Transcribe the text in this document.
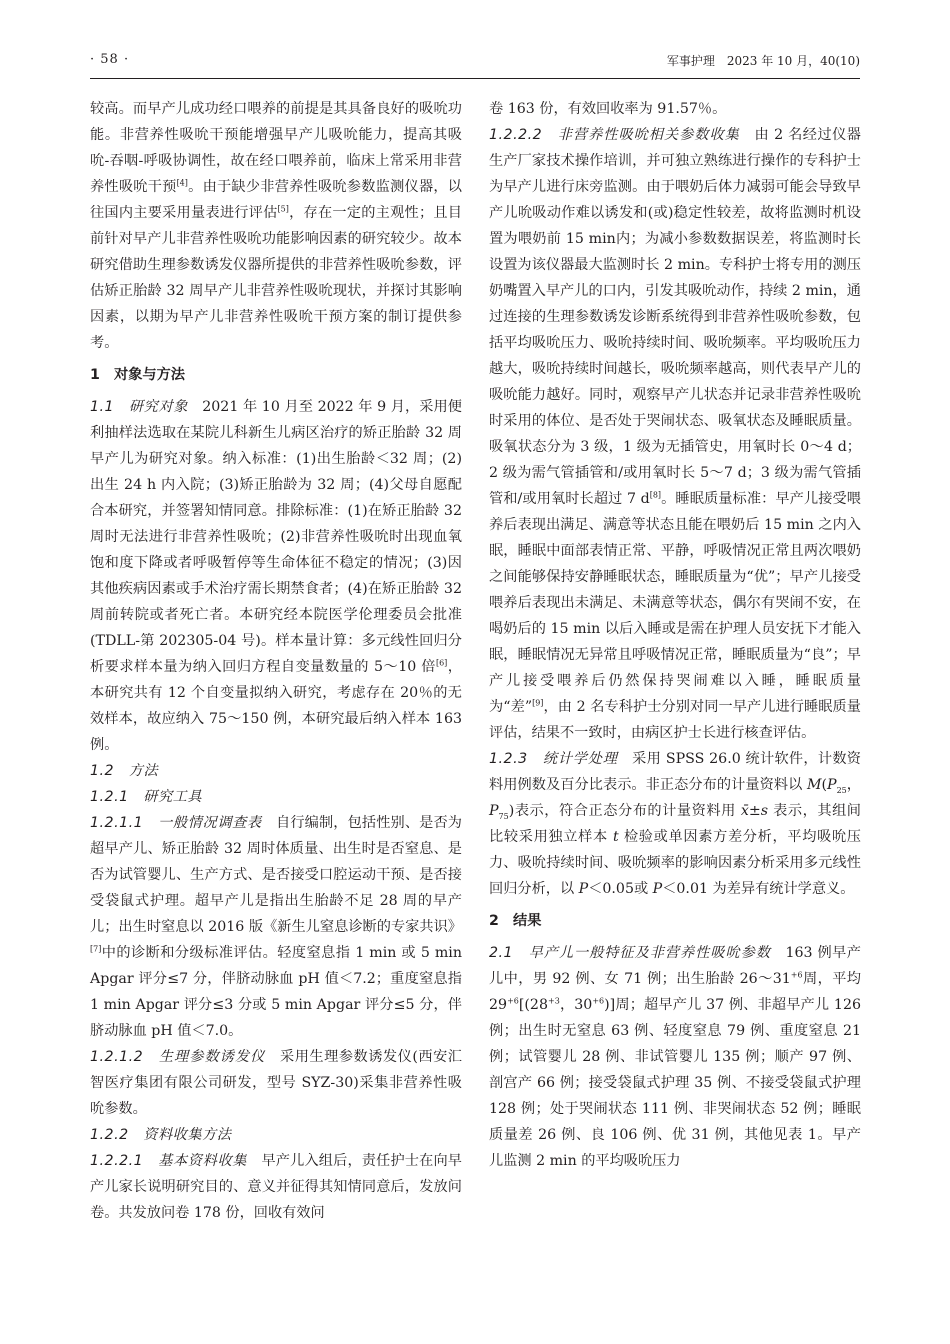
· 58 ·	军事护理　2023 年 10 月，40(10)

较高。而早产儿成功经口喂养的前提是其具备良好的吸吮功能。非营养性吸吮干预能增强早产儿吸吮能力，提高其吸吮-吞咽-呼吸协调性，故在经口喂养前，临床上常采用非营养性吸吮干预[4]。由于缺少非营养性吸吮参数监测仪器，以往国内主要采用量表进行评估[5]，存在一定的主观性；且目前针对早产儿非营养性吸吮功能影响因素的研究较少。故本研究借助生理参数诱发仪器所提供的非营养性吸吮参数，评估矫正胎龄 32 周早产儿非营养性吸吮现状，并探讨其影响因素，以期为早产儿非营养性吸吮干预方案的制订提供参考。

1　对象与方法

1.1　研究对象　2021 年 10 月至 2022 年 9 月，采用便利抽样法选取在某院儿科新生儿病区治疗的矫正胎龄 32 周早产儿为研究对象。纳入标准：(1)出生胎龄＜32 周；(2)出生 24 h 内入院；(3)矫正胎龄为 32 周；(4)父母自愿配合本研究，并签署知情同意。排除标准：(1)在矫正胎龄 32 周时无法进行非营养性吸吮；(2)非营养性吸吮时出现血氧饱和度下降或者呼吸暂停等生命体征不稳定的情况；(3)因其他疾病因素或手术治疗需长期禁食者；(4)在矫正胎龄 32 周前转院或者死亡者。本研究经本院医学伦理委员会批准(TDLL-第 202305-04 号)。样本量计算：多元线性回归分析要求样本量为纳入回归方程自变量数量的 5～10 倍[6]，本研究共有 12 个自变量拟纳入研究，考虑存在 20％的无效样本，故应纳入 75～150 例，本研究最后纳入样本 163 例。

1.2　方法

1.2.1　研究工具

1.2.1.1　一般情况调查表　自行编制，包括性别、是否为超早产儿、矫正胎龄 32 周时体质量、出生时是否窒息、是否为试管婴儿、生产方式、是否接受口腔运动干预、是否接受袋鼠式护理。超早产儿是指出生胎龄不足 28 周的早产儿；出生时窒息以 2016 版《新生儿窒息诊断的专家共识》[7]中的诊断和分级标准评估。轻度窒息指 1 min 或 5 min Apgar 评分≤7 分，伴脐动脉血 pH 值＜7.2；重度窒息指 1 min Apgar 评分≤3 分或 5 min Apgar 评分≤5 分，伴脐动脉血 pH 值＜7.0。

1.2.1.2　生理参数诱发仪　采用生理参数诱发仪(西安汇智医疗集团有限公司研发，型号 SYZ-30)采集非营养性吸吮参数。

1.2.2　资料收集方法

1.2.2.1　基本资料收集　早产儿入组后，责任护士在向早产儿家长说明研究目的、意义并征得其知情同意后，发放问卷。共发放问卷 178 份，回收有效问

卷 163 份，有效回收率为 91.57％。

1.2.2.2　非营养性吸吮相关参数收集　由 2 名经过仪器生产厂家技术操作培训，并可独立熟练进行操作的专科护士为早产儿进行床旁监测。由于喂奶后体力减弱可能会导致早产儿吮吸动作难以诱发和(或)稳定性较差，故将监测时机设置为喂奶前 15 min内；为减小参数数据误差，将监测时长设置为该仪器最大监测时长 2 min。专科护士将专用的测压奶嘴置入早产儿的口内，引发其吸吮动作，持续 2 min，通过连接的生理参数诱发诊断系统得到非营养性吸吮参数，包括平均吸吮压力、吸吮持续时间、吸吮频率。平均吸吮压力越大，吸吮持续时间越长，吸吮频率越高，则代表早产儿的吸吮能力越好。同时，观察早产儿状态并记录非营养性吸吮时采用的体位、是否处于哭闹状态、吸氧状态及睡眠质量。吸氧状态分为 3 级，1 级为无插管史，用氧时长 0～4 d；2 级为需气管插管和/或用氧时长 5～7 d；3 级为需气管插管和/或用氧时长超过 7 d[8]。睡眠质量标准：早产儿接受喂养后表现出满足、满意等状态且能在喂奶后 15 min 之内入眠，睡眠中面部表情正常、平静，呼吸情况正常且两次喂奶之间能够保持安静睡眠状态，睡眠质量为“优”；早产儿接受喂养后表现出未满足、未满意等状态，偶尔有哭闹不安，在喝奶后的 15 min 以后入睡或是需在护理人员安抚下才能入眠，睡眠情况无异常且呼吸情况正常，睡眠质量为“良”；早产儿接受喂养后仍然保持哭闹难以入睡，睡眠质量为“差”[9]，由 2 名专科护士分别对同一早产儿进行睡眠质量评估，结果不一致时，由病区护士长进行核查评估。

1.2.3　统计学处理　采用 SPSS 26.0 统计软件，计数资料用例数及百分比表示。非正态分布的计量资料以 $M(P_{25}$，$P_{75}$)表示，符合正态分布的计量资料用 x̄±s 表示，其组间比较采用独立样本 t 检验或单因素方差分析，平均吸吮压力、吸吮持续时间、吸吮频率的影响因素分析采用多元线性回归分析，以 P＜0.05或 P＜0.01 为差异有统计学意义。

2　结果

2.1　早产儿一般特征及非营养性吸吮参数　163 例早产儿中，男 92 例、女 71 例；出生胎龄 $26\sim 31^{+6}$周，平均 $29^{+6}[(28^{+3}$，$30^{+6}$)]周；超早产儿 37 例、非超早产儿 126 例；出生时无窒息 63 例、轻度窒息 79 例、重度窒息 21 例；试管婴儿 28 例、非试管婴儿 135 例；顺产 97 例、剖宫产 66 例；接受袋鼠式护理 35 例、不接受袋鼠式护理 128 例；处于哭闹状态 111 例、非哭闹状态 52 例；睡眠质量差 26 例、良 106 例、优 31 例，其他见表 1。早产儿监测 2 min 的平均吸吮压力
